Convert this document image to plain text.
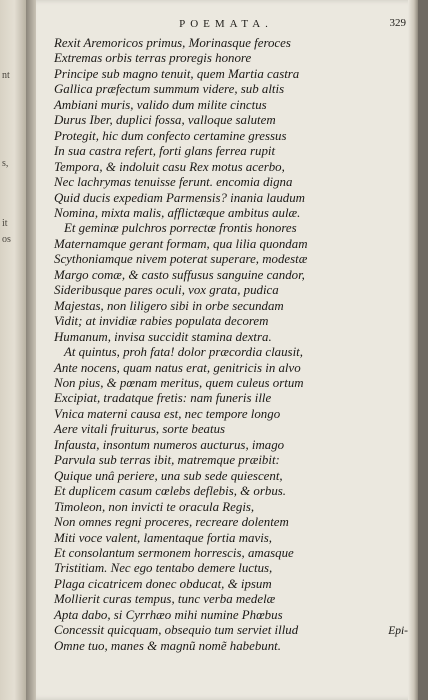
nt
s,
it
os
POEMATA.	329
Rexit Aremoricos primus, Morinasque feroces
Extremas orbis terras proregis honore
Principe sub magno tenuit, quem Martia castra
Gallica præfectum summum videre, sub altis
Ambiani muris, valido dum milite cinctus
Durus Iber, duplici fossa, valloque salutem
Protegit, hic dum confecto certamine gressus
In sua castra refert, forti glans ferrea rupit
Tempora, & indoluit casu Rex motus acerbo,
Nec lachrymas tenuisse ferunt. encomia digna
Quid ducis expediam Parmensis? inania laudum
Nomina, mixta malis, afflictæque ambitus aulæ.
Et geminæ pulchros porrectæ frontis honores
Maternamque gerant formam, qua lilia quondam
Scythoniamque nivem poterat superare, modestæ
Margo comæ, & casto suffusus sanguine candor,
Sideribusque pares oculi, vox grata, pudica
Majestas, non liligero sibi in orbe secundam
Vidit; at invidiæ rabies populata decorem
Humanum, invisa succidit stamina dextra.
At quintus, proh fata! dolor præcordia clausit,
Ante nocens, quam natus erat, genitricis in alvo
Non pius, & pœnam meritus, quem culeus ortum
Excipiat, tradatque fretis: nam funeris ille
Vnica materni causa est, nec tempore longo
Aere vitali fruiturus, sorte beatus
Infausta, insontum numeros aucturus, imago
Parvula sub terras ibit, matremque præibit:
Quique unâ periere, una sub sede quiescent,
Et duplicem casum cœlebs deflebis, & orbus.
Timoleon, non invicti te oracula Regis,
Non omnes regni proceres, recreare dolentem
Miti voce valent, lamentaque fortia mavis,
Et consolantum sermonem horrescis, amasque
Tristitiam. Nec ego tentabo demere luctus,
Plaga cicatricem donec obducat, & ipsum
Mollierit curas tempus, tunc verba medelæ
Apta dabo, si Cyrrhæo mihi numine Phœbus
Concessit quicquam, obsequio tum serviet illud
Omne tuo, manes & magnũ nomẽ habebunt.
Epi-
